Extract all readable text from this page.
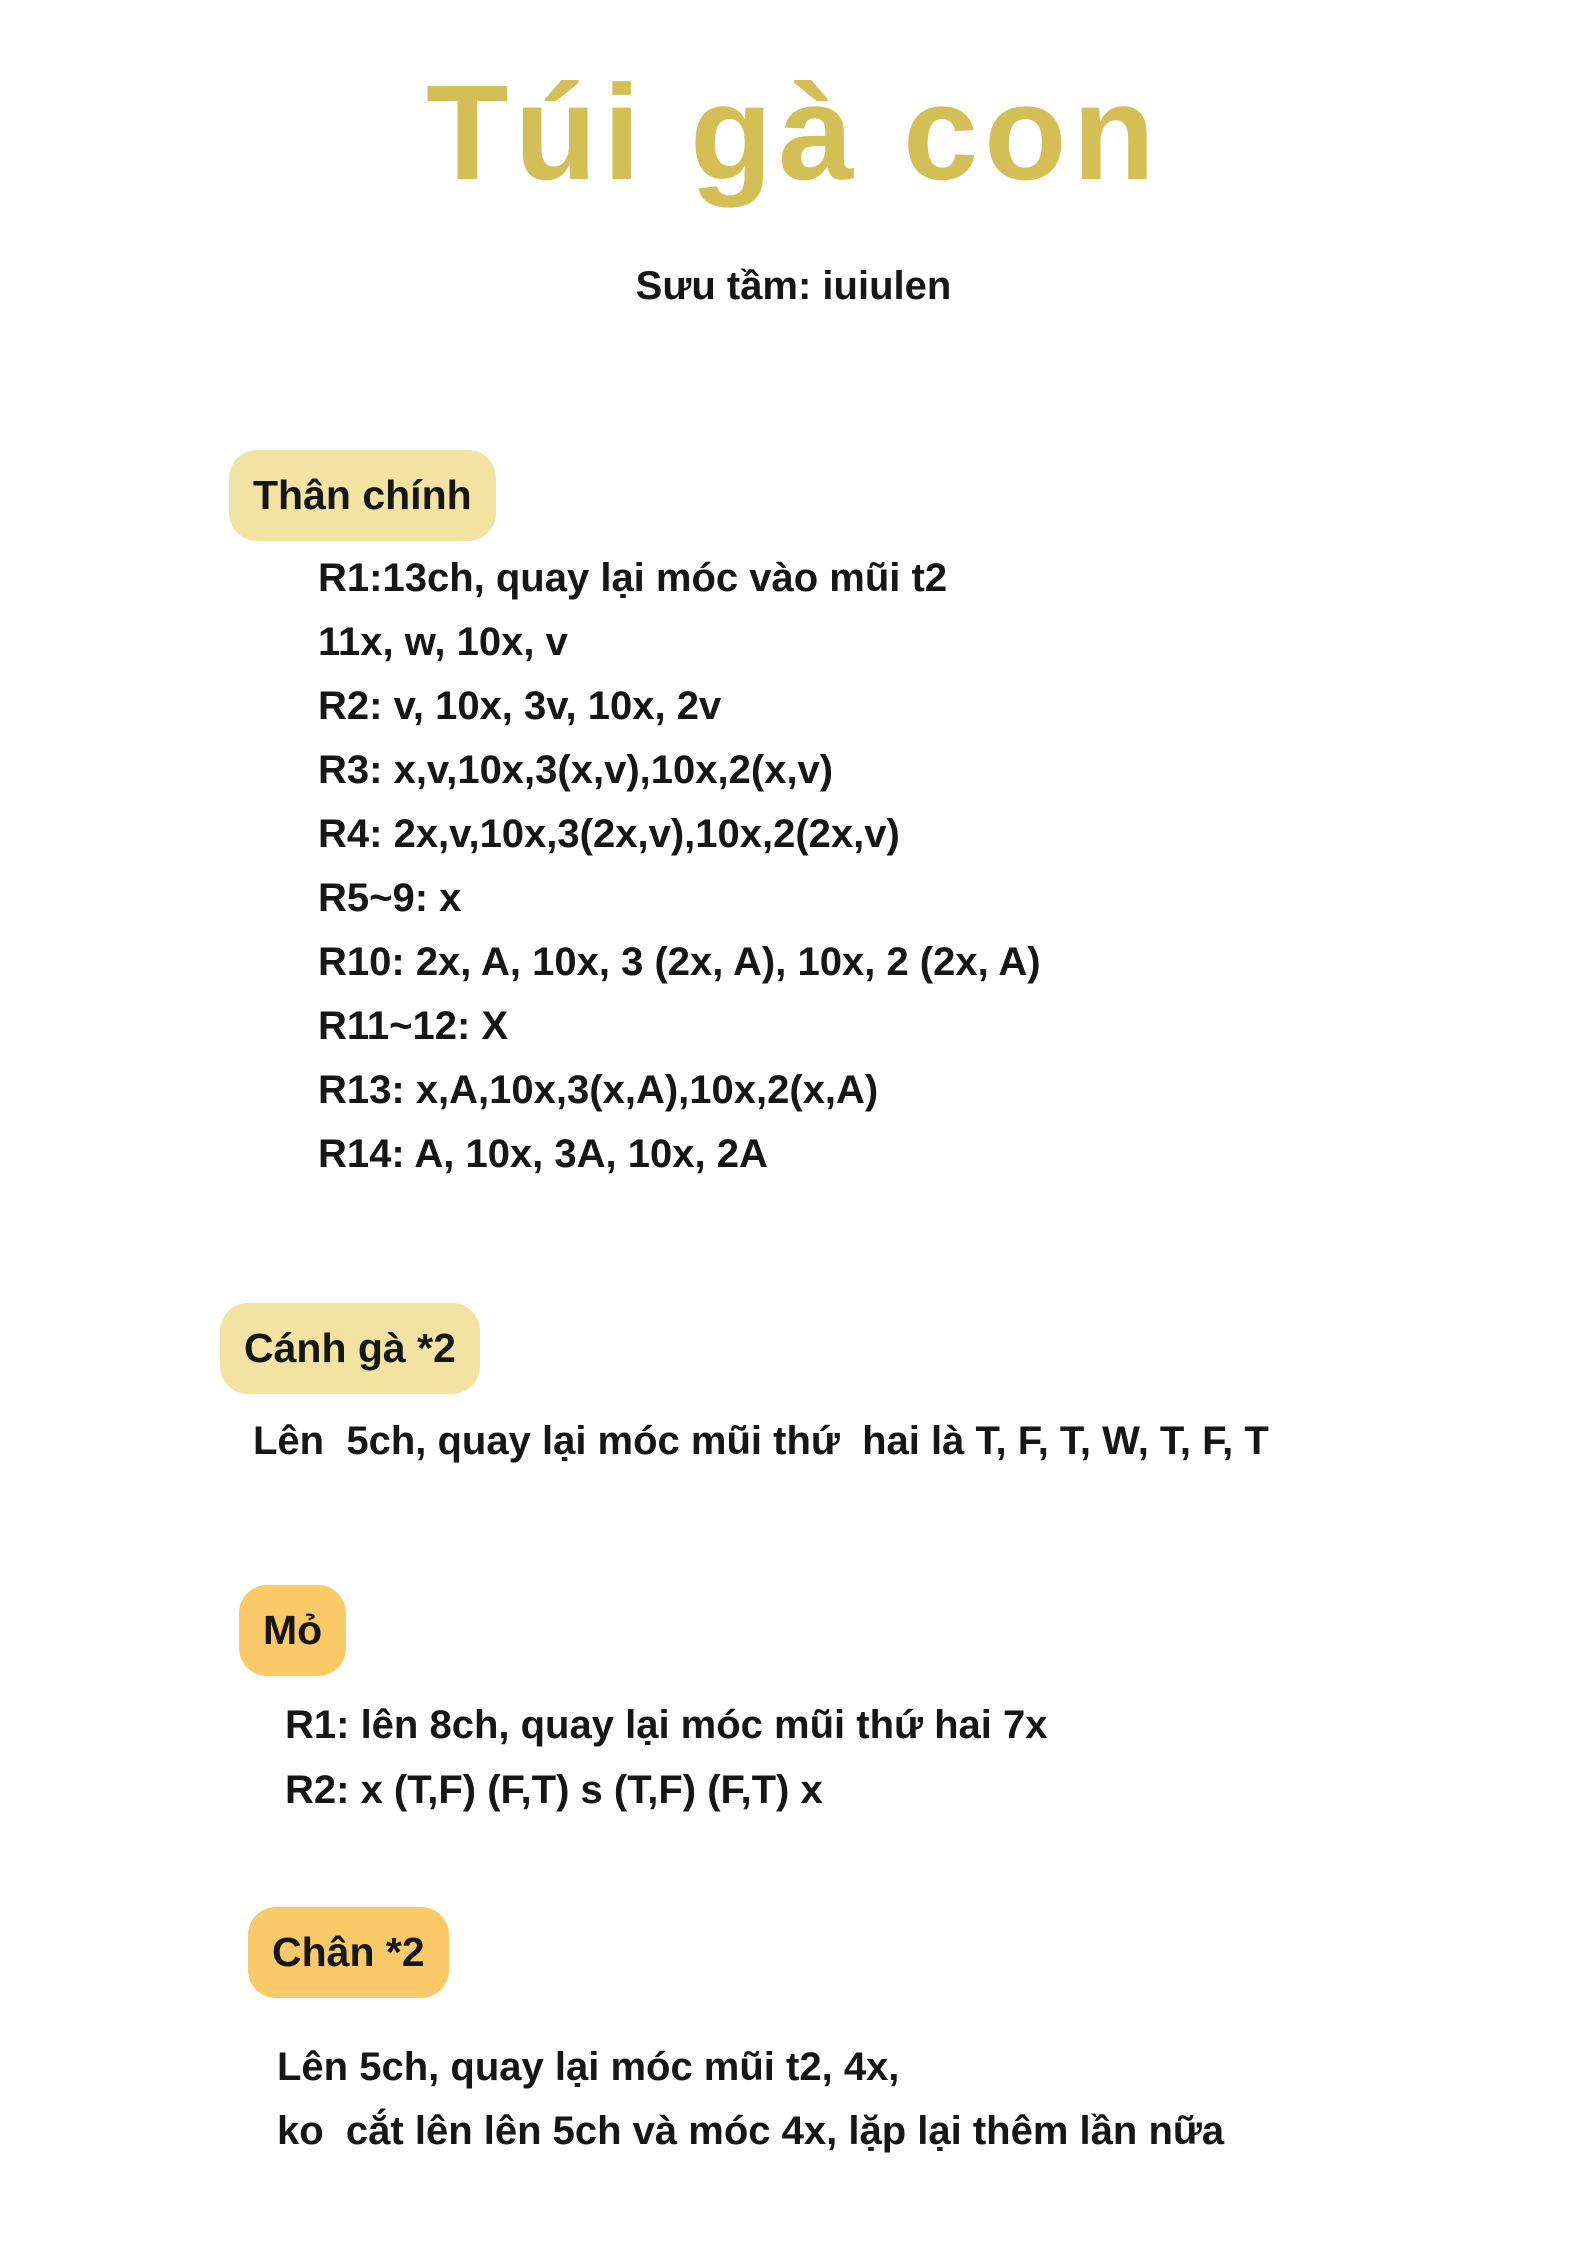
Túi gà con
Sưu tầm: iuiulen
Thân chính
R1:13ch, quay lại móc vào mũi t2
11x, w, 10x, v
R2: v, 10x, 3v, 10x, 2v
R3: x,v,10x,3(x,v),10x,2(x,v)
R4: 2x,v,10x,3(2x,v),10x,2(2x,v)
R5~9: x
R10: 2x, A, 10x, 3 (2x, A), 10x, 2 (2x, A)
R11~12: X
R13: x,A,10x,3(x,A),10x,2(x,A)
R14: A, 10x, 3A, 10x, 2A
Cánh gà *2
Lên  5ch, quay lại móc mũi thứ  hai là T, F, T, W, T, F, T
Mỏ
R1: lên 8ch, quay lại móc mũi thứ hai 7x
R2: x (T,F) (F,T) s (T,F) (F,T) x
Chân *2
Lên 5ch, quay lại móc mũi t2, 4x,
ko  cắt lên lên 5ch và móc 4x, lặp lại thêm lần nữa
